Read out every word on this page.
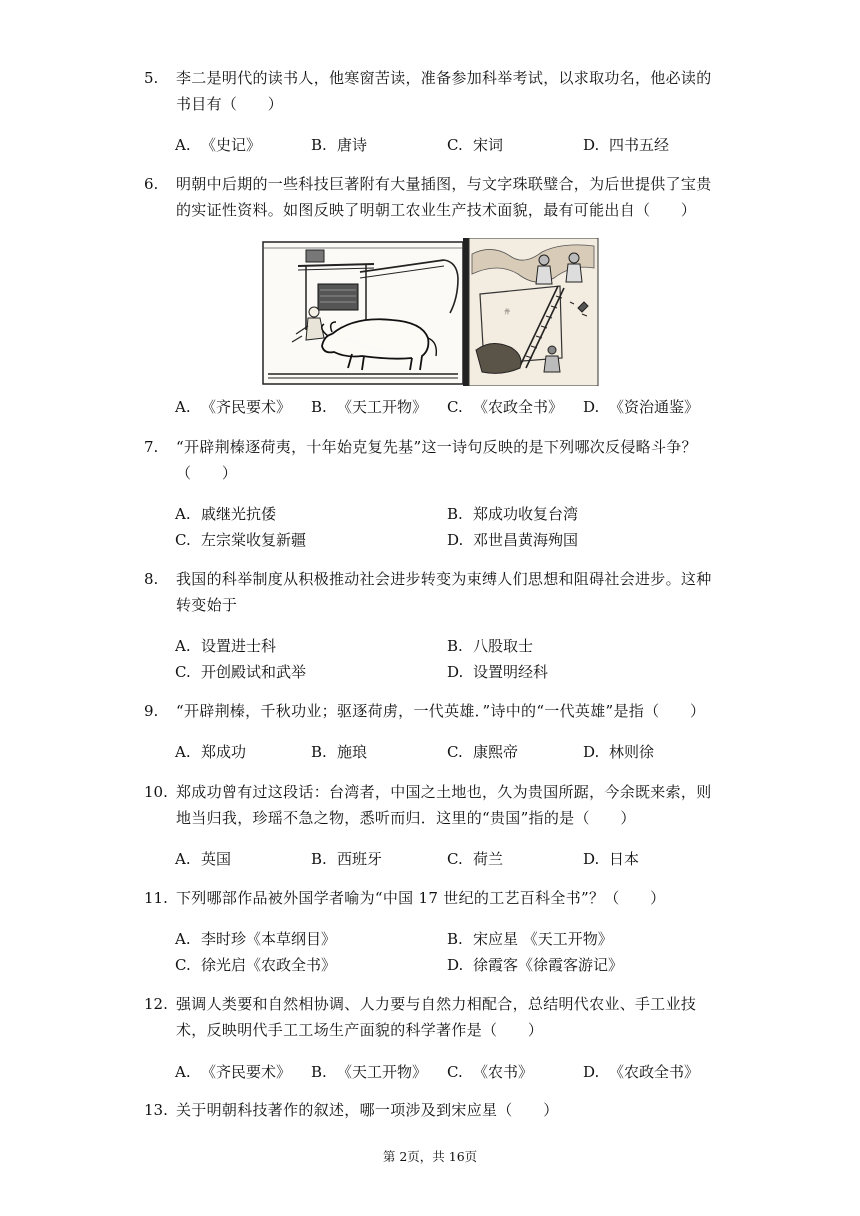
5. 李二是明代的读书人，他寒窗苦读，准备参加科举考试，以求取功名，他必读的书目有（　　）
A. 《史记》	B. 唐诗	C. 宋词	D. 四书五经
6. 明朝中后期的一些科技巨著附有大量插图，与文字珠联璧合，为后世提供了宝贵的实证性资料。如图反映了明朝工农业生产技术面貌，最有可能出自（　　）
井
A. 《齐民要术》 B. 《天工开物》 C. 《农政全书》 D. 《资治通鉴》
7. “开辟荆榛逐荷夷，十年始克复先基”这一诗句反映的是下列哪次反侵略斗争？（　　）
A. 戚继光抗倭	B. 郑成功收复台湾
C. 左宗棠收复新疆	D. 邓世昌黄海殉国
8. 我国的科举制度从积极推动社会进步转变为束缚人们思想和阻碍社会进步。这种转变始于
A. 设置进士科	B. 八股取士
C. 开创殿试和武举	D. 设置明经科
9. “开辟荆榛，千秋功业；驱逐荷虏，一代英雄．”诗中的“一代英雄”是指（　　）
A. 郑成功	B. 施琅	C. 康熙帝	D. 林则徐
10. 郑成功曾有过这段话：台湾者，中国之土地也，久为贵国所踞，今余既来索，则地当归我，珍瑶不急之物，悉听而归．这里的“贵国”指的是（　　）
A. 英国	B. 西班牙	C. 荷兰	D. 日本
11. 下列哪部作品被外国学者喻为“中国 17 世纪的工艺百科全书”？（　　）
A. 李时珍《本草纲目》	B. 宋应星 《天工开物》
C. 徐光启《农政全书》	D. 徐霞客《徐霞客游记》
12. 强调人类要和自然相协调、人力要与自然力相配合，总结明代农业、手工业技术，反映明代手工工场生产面貌的科学著作是（　　）
A. 《齐民要术》 B. 《天工开物》 C. 《农书》	D. 《农政全书》
13. 关于明朝科技著作的叙述，哪一项涉及到宋应星（　　）
第 2页，共 16页
